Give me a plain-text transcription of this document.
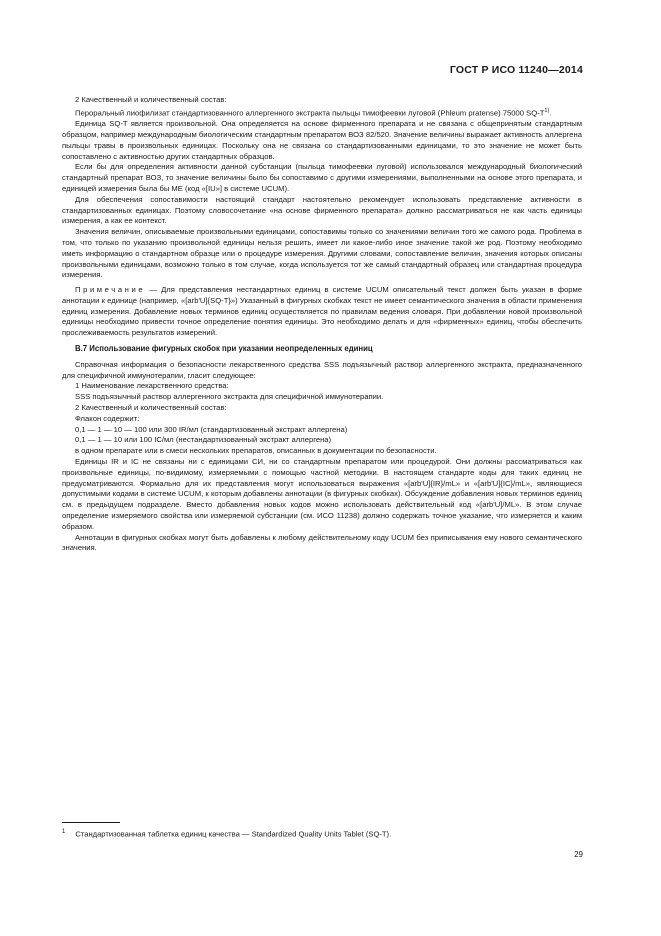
ГОСТ Р ИСО 11240—2014

2 Качественный и количественный состав:

Пероральный лиофилизат стандартизованного аллергенного экстракта пыльцы тимофеевки луговой (Phleum pratense) 75000 SQ-T$^{1)}$.

Единица SQ-T является произвольной. Она определяется на основе фирменного препарата и не связана с общепринятым стандартным образцом, например международным биологическим стандартным препаратом ВОЗ 82/520. Значение величины выражает активность аллергена пыльцы травы в произвольных единицах. Поскольку она не связана со стандартизованными единицами, то это значение не может быть сопоставлено с активностью других стандартных образцов.

Если бы для определения активности данной субстанции (пыльца тимофеевки луговой) использовался международный биологический стандартный препарат ВОЗ, то значение величины было бы сопоставимо с другими измерениями, выполненными на основе этого препарата, и единицей измерения была бы ME (код «[IU»] в системе UCUM).

Для обеспечения сопоставимости настоящий стандарт настоятельно рекомендует использовать представление активности в стандартизованных единицах. Поэтому словосочетание «на основе фирменного препарата» должно рассматриваться не как часть единицы измерения, а как ее контекст.

Значения величин, описываемые произвольными единицами, сопоставимы только со значениями величин того же самого рода. Проблема в том, что только по указанию произвольной единицы нельзя решить, имеет ли какое-либо иное значение такой же род. Поэтому необходимо иметь информацию о стандартном образце или о процедуре измерения. Другими словами, сопоставление величин, значения которых описаны произвольными единицами, возможно только в том случае, когда используется тот же самый стандартный образец или стандартная процедура измерения.

Примечание — Для представления нестандартных единиц в системе UCUM описательный текст должен быть указан в форме аннотации к единице (например, «[arb'U]{SQ-T}») Указанный в фигурных скобках текст не имеет семантического значения в области применения единиц измерения. Добавление новых терминов единиц осуществляется по правилам ведения словаря. При добавлении новой произвольной единицы необходимо привести точное определение понятия единицы. Это необходимо делать и для «фирменных» единиц, чтобы обеспечить прослеживаемость результатов измерений.

В.7 Использование фигурных скобок при указании неопределенных единиц

Справочная информация о безопасности лекарственного средства SSS подъязычный раствор аллергенного экстракта, предназначенного для специфичной иммунотерапии, гласит следующее:

1 Наименование лекарственного средства:

SSS подъязычный раствор аллергенного экстракта для специфичной иммунотерапии.

2 Качественный и количественный состав:

Флакон содержит:

0,1 — 1 — 10 — 100 или 300 IR/мл (стандартизованный экстракт аллергена)

0,1 — 1 — 10 или 100 IC/мл (нестандартизованный экстракт аллергена)

в одном препарате или в смеси нескольких препаратов, описанных в документации по безопасности.

Единицы IR и IC не связаны ни с единицами СИ, ни со стандартным препаратом или процедурой. Они должны рассматриваться как произвольные единицы, по-видимому, измеряемыми с помощью частной методики. В настоящем стандарте коды для таких единиц не предусматриваются. Формально для их представления могут использоваться выражения «[arb'U]{IR}/mL» и «[arb'U]{IC}/mL», являющиеся допустимыми кодами в системе UCUM, к которым добавлены аннотации (в фигурных скобках). Обсуждение добавления новых терминов единиц см. в предыдущем подразделе. Вместо добавления новых кодов можно использовать действительный код «[arb'U]/ML». В этом случае определение измеряемого свойства или измеряемой субстанции (см. ИСО 11238) должно содержать точное указание, что измеряется и каким образом.

Аннотации в фигурных скобках могут быть добавлены к любому действительному коду UCUM без приписывания ему нового семантического значения.

$^1$ Стандартизованная таблетка единиц качества — Standardized Quality Units Tablet (SQ-T).
29
